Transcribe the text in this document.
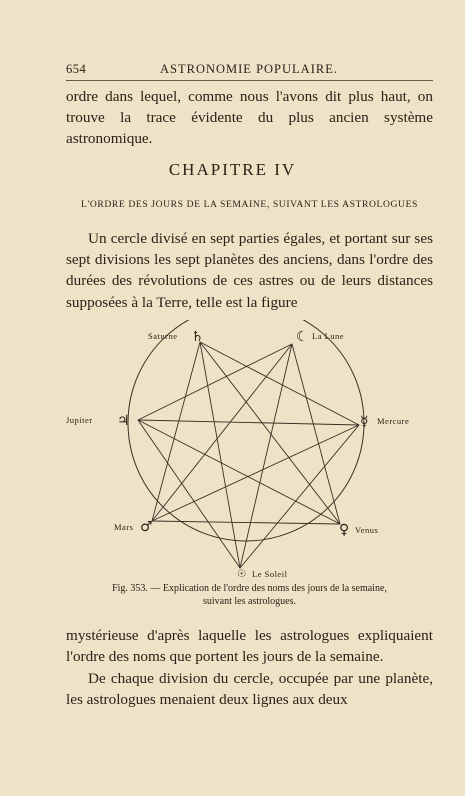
654	ASTRONOMIE POPULAIRE.

ordre dans lequel, comme nous l'avons dit plus haut, on trouve la trace évidente du plus ancien système astronomique.

CHAPITRE IV
L'ORDRE DES JOURS DE LA SEMAINE, SUIVANT LES ASTROLOGUES

Un cercle divisé en sept parties égales, et portant sur ses sept divisions les sept planètes des anciens, dans l'ordre des durées des révolutions de ces astres ou de leurs distances supposées à la Terre, telle est la figure

Saturne ♄	☾ La Lune
Jupiter ♃	☿ Mercure
Mars ♂	♀ Venus
☉ Le Soleil
Fig. 353. — Explication de l'ordre des noms des jours de la semaine,
suivant les astrologues.

mystérieuse d'après laquelle les astrologues expliquaient l'ordre des noms que portent les jours de la semaine.

De chaque division du cercle, occupée par une planète, les astrologues menaient deux lignes aux deux
